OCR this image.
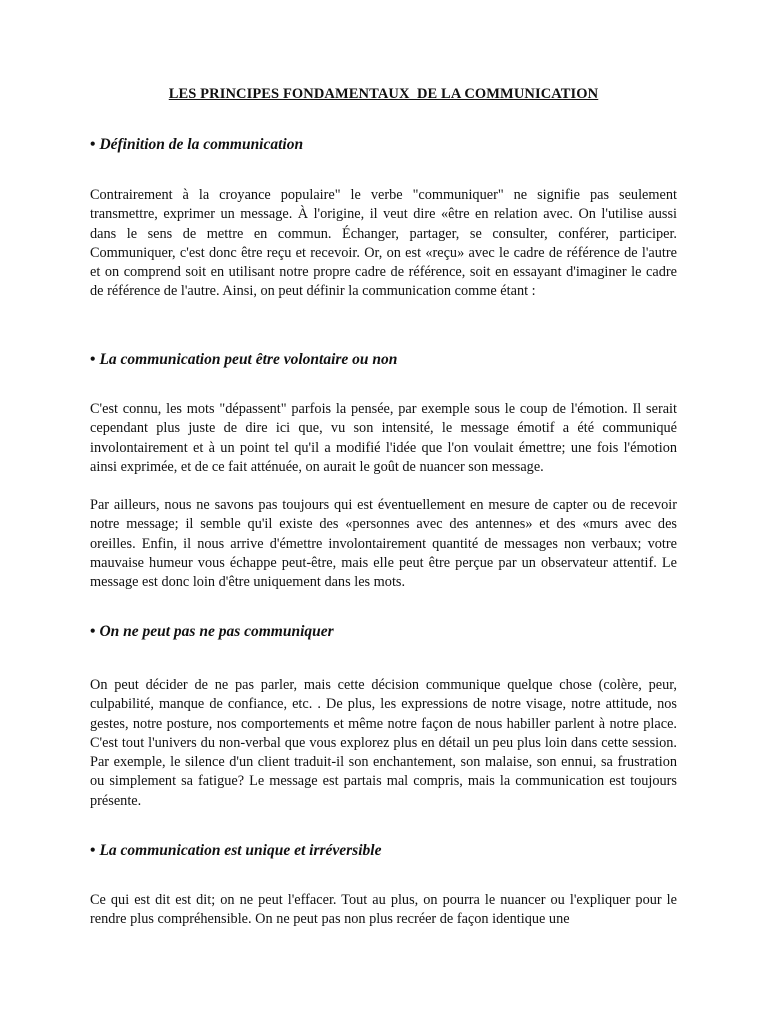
LES PRINCIPES FONDAMENTAUX  DE LA COMMUNICATION
• Définition de la communication

Contrairement à la croyance populaire" le verbe "communiquer" ne signifie pas seulement transmettre, exprimer un message. À l'origine, il veut dire «être en relation avec. On l'utilise aussi dans le sens de mettre en commun. Échanger, partager, se consulter, conférer, participer. Communiquer, c'est donc être reçu et recevoir. Or, on est «reçu» avec le cadre de référence de l'autre et on comprend soit en utilisant notre propre cadre de référence, soit en essayant d'imaginer le cadre de référence de l'autre. Ainsi, on peut définir la communication comme étant :

• La communication peut être volontaire ou non

C'est connu, les mots "dépassent" parfois la pensée, par exemple sous le coup de l'émotion. Il serait cependant plus juste de dire ici que, vu son intensité, le message émotif a été communiqué involontairement et à un point tel qu'il a modifié l'idée que l'on voulait émettre; une fois l'émotion ainsi exprimée, et de ce fait atténuée, on aurait le goût de nuancer son message.

Par ailleurs, nous ne savons pas toujours qui est éventuellement en mesure de capter ou de recevoir notre message; il semble qu'il existe des «personnes avec des antennes» et des «murs avec des oreilles. Enfin, il nous arrive d'émettre involontairement quantité de messages non verbaux; votre mauvaise humeur vous échappe peut-être, mais elle peut être perçue par un observateur attentif. Le message est donc loin d'être uniquement dans les mots.

• On ne peut pas ne pas communiquer

On peut décider de ne pas parler, mais cette décision communique quelque chose (colère, peur, culpabilité, manque de confiance, etc. . De plus, les expressions de notre visage, notre attitude, nos gestes, notre posture, nos comportements et même notre façon de nous habiller parlent à notre place. C'est tout l'univers du non-verbal que vous explorez plus en détail un peu plus loin dans cette session. Par exemple, le silence d'un client traduit-il son enchantement, son malaise, son ennui, sa frustration ou simplement sa fatigue? Le message est partais mal compris, mais la communication est toujours présente.

• La communication est unique et irréversible

Ce qui est dit est dit; on ne peut l'effacer. Tout au plus, on pourra le nuancer ou l'expliquer pour le rendre plus compréhensible. On ne peut pas non plus recréer de façon identique une
